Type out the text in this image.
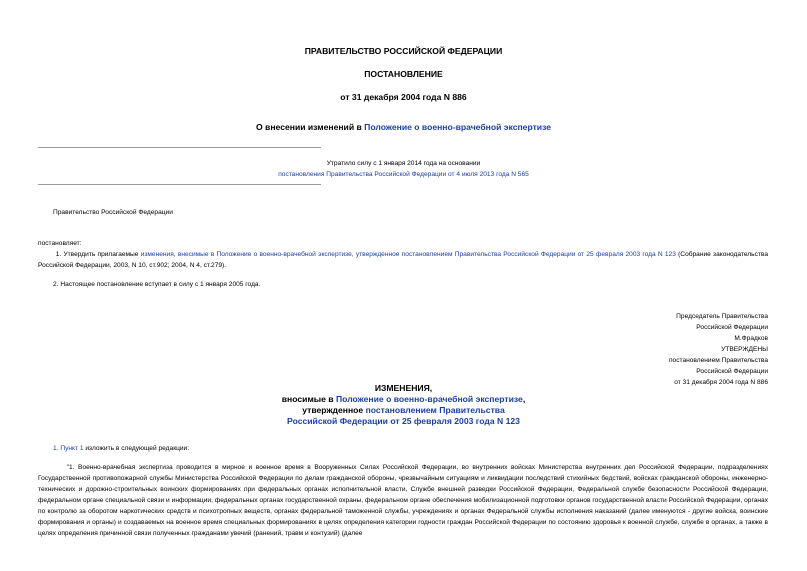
ПРАВИТЕЛЬСТВО РОССИЙСКОЙ ФЕДЕРАЦИИ
ПОСТАНОВЛЕНИЕ
от 31 декабря 2004 года N 886
О внесении изменений в Положение о военно-врачебной экспертизе
Утратило силу с 1 января 2014 года на основании
постановления Правительства Российской Федерации от 4 июля 2013 года N 565
Правительство Российской Федерации
постановляет:
1. Утвердить прилагаемые изменения, внесимые в Положение о военно-врачебной экспертизе, утвержденное постановлением Правительства Российской Федерации от 25 февраля 2003 года N 123 (Собрание законодательства Российской Федерации, 2003, N 10, ст.902; 2004, N 4, ст.279).
2. Настоящее постановление вступает в силу с 1 января 2005 года.
Председатель Правительства
Российской Федерации
М.Фрадков
УТВЕРЖДЕНЫ
постановлением Правительства
Российской Федерации
от 31 декабря 2004 года N 886
ИЗМЕНЕНИЯ,
вносимые в Положение о военно-врачебной экспертизе,
утвержденное постановлением Правительства
Российской Федерации от 25 февраля 2003 года N 123
1. Пункт 1 изложить в следующей редакции:
"1. Военно-врачебная экспертиза проводится в мирное и военное время в Вооруженных Силах Российской Федерации, во внутренних войсках Министерства внутренних дел Российской Федерации, подразделениях Государственной противопожарной службы Министерства Российской Федерации по делам гражданской обороны, чрезвычайным ситуациям и ликвидации последствий стихийных бедствий, войсках гражданской обороны, инженерно-технических и дорожно-строительных воинских формированиях при федеральных органах исполнительной власти, Службе внешней разведки Российской Федерации, Федеральной службе безопасности Российской Федерации, федеральном органе специальной связи и информации, федеральных органах государственной охраны, федеральном органе обеспечения мобилизационной подготовки органов государственной власти Российской Федерации, органах по контролю за оборотом наркотических средств и психотропных веществ, органах федеральной таможенной службы, учреждениях и органах Федеральной службы исполнения наказаний (далее именуются - другие войска, воинские формирования и органы) и создаваемых на военное время специальных формированиях в целях определения категории годности граждан Российской Федерации по состоянию здоровья к военной службе, службе в органах, а также в целях определения причинной связи полученных гражданами увечий (ранений, травм и контузий) (далее
